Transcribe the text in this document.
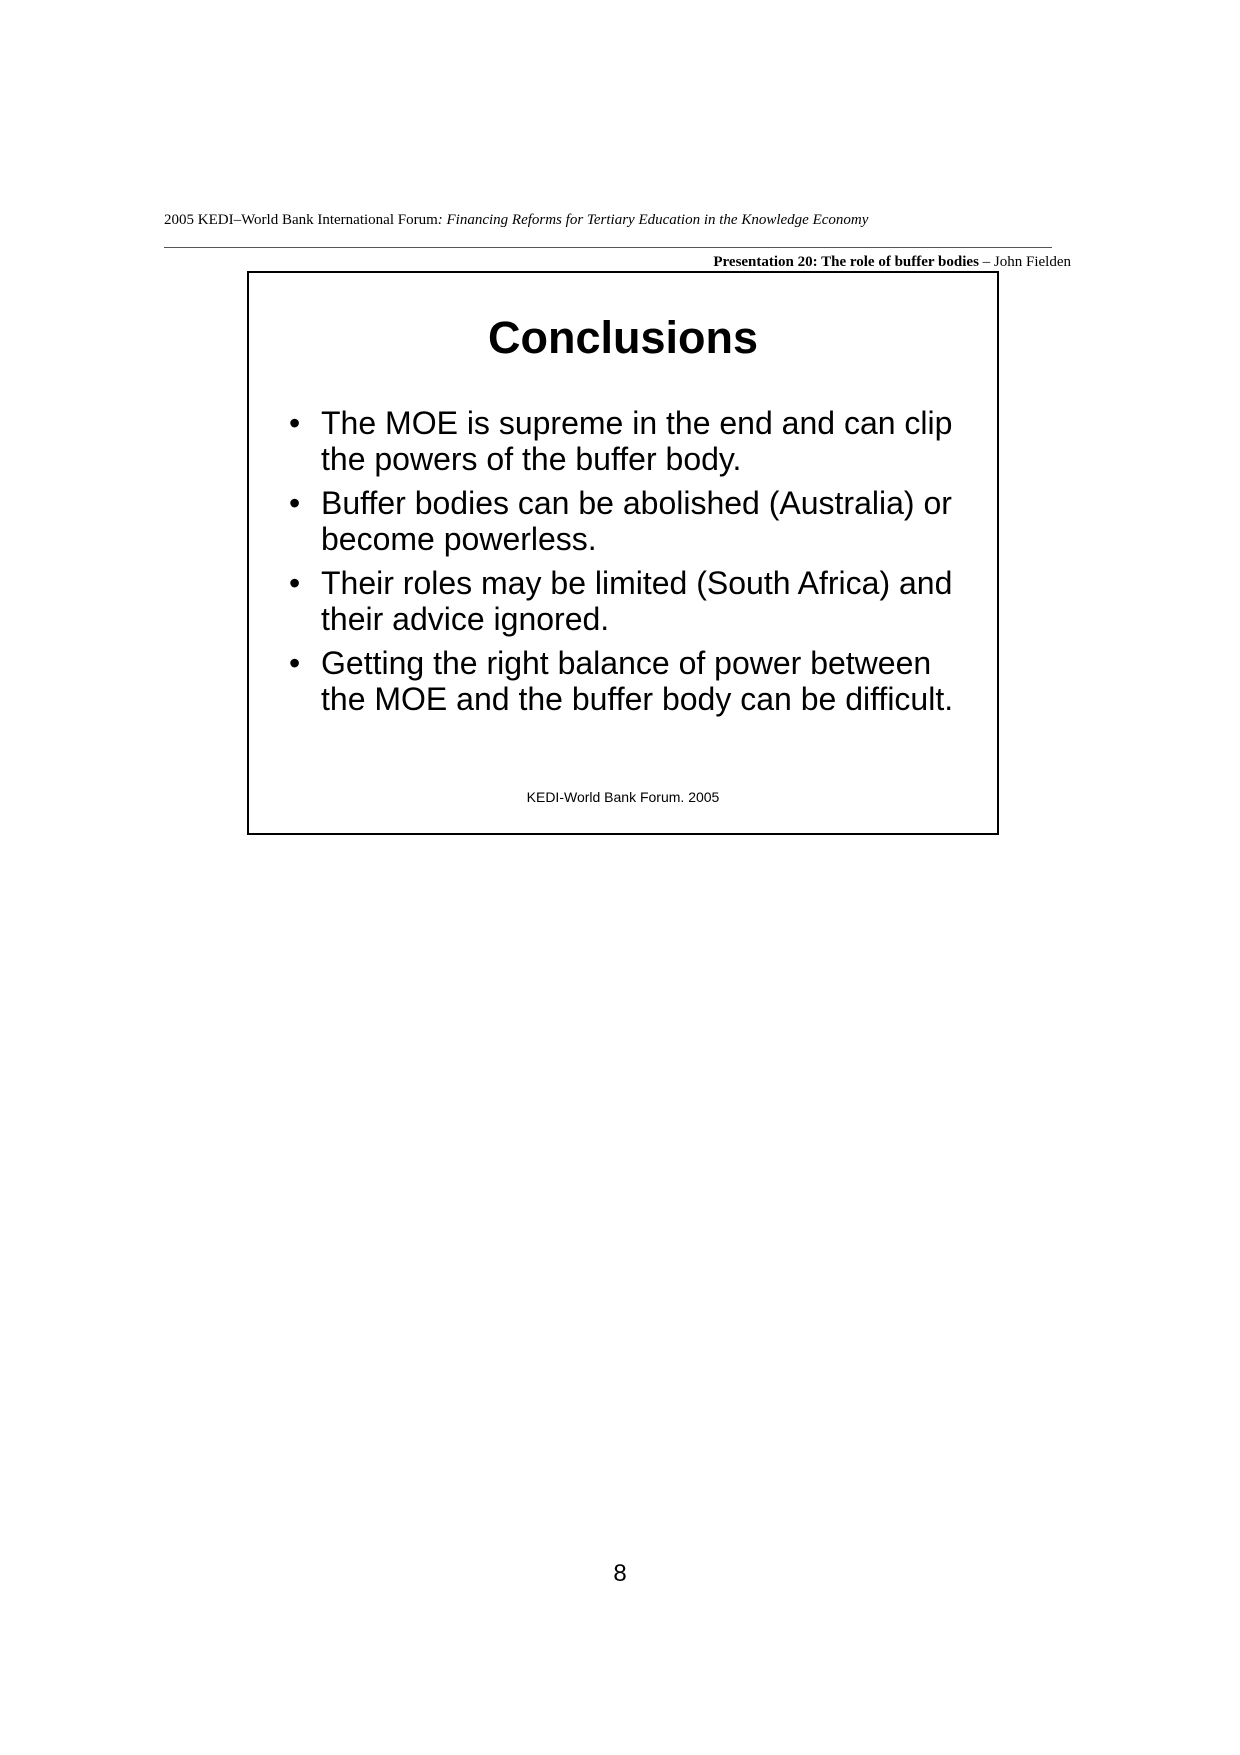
2005 KEDI–World Bank International Forum: Financing Reforms for Tertiary Education in the Knowledge Economy
Presentation 20: The role of buffer bodies – John Fielden
Conclusions
• The MOE is supreme in the end and can clip the powers of the buffer body.
• Buffer bodies can be abolished (Australia) or become powerless.
• Their roles may be limited (South Africa) and their advice ignored.
• Getting the right balance of power between the MOE and the buffer body can be difficult.
KEDI-World Bank Forum. 2005
8
